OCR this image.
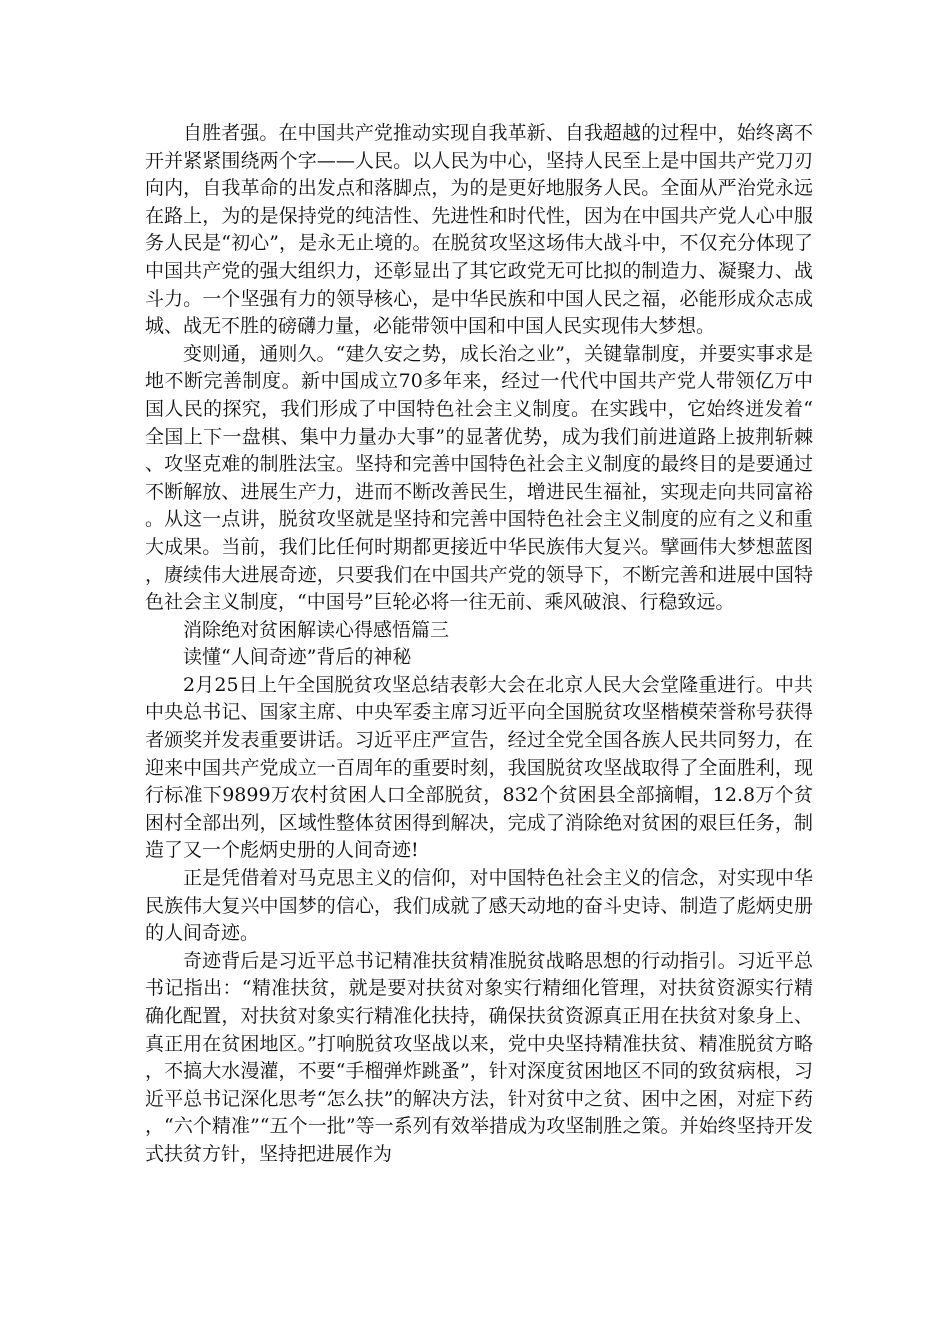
自胜者强。在中国共产党推动实现自我革新、自我超越的过程中，始终离不开并紧紧围绕两个字——人民。以人民为中心，坚持人民至上是中国共产党刀刃向内，自我革命的出发点和落脚点，为的是更好地服务人民。全面从严治党永远在路上，为的是保持党的纯洁性、先进性和时代性，因为在中国共产党人心中服务人民是“初心”，是永无止境的。在脱贫攻坚这场伟大战斗中，不仅充分体现了中国共产党的强大组织力，还彰显出了其它政党无可比拟的制造力、凝聚力、战斗力。一个坚强有力的领导核心，是中华民族和中国人民之福，必能形成众志成城、战无不胜的磅礴力量，必能带领中国和中国人民实现伟大梦想。

变则通，通则久。“建久安之势，成长治之业”，关键靠制度，并要实事求是地不断完善制度。新中国成立70多年来，经过一代代中国共产党人带领亿万中国人民的探究，我们形成了中国特色社会主义制度。在实践中，它始终迸发着“全国上下一盘棋、集中力量办大事”的显著优势，成为我们前进道路上披荆斩棘、攻坚克难的制胜法宝。坚持和完善中国特色社会主义制度的最终目的是要通过不断解放、进展生产力，进而不断改善民生，增进民生福祉，实现走向共同富裕。从这一点讲，脱贫攻坚就是坚持和完善中国特色社会主义制度的应有之义和重大成果。当前，我们比任何时期都更接近中华民族伟大复兴。擘画伟大梦想蓝图，赓续伟大进展奇迹，只要我们在中国共产党的领导下，不断完善和进展中国特色社会主义制度，“中国号”巨轮必将一往无前、乘风破浪、行稳致远。

消除绝对贫困解读心得感悟篇三

读懂“人间奇迹”背后的神秘

2月25日上午全国脱贫攻坚总结表彰大会在北京人民大会堂隆重进行。中共中央总书记、国家主席、中央军委主席习近平向全国脱贫攻坚楷模荣誉称号获得者颁奖并发表重要讲话。习近平庄严宣告，经过全党全国各族人民共同努力，在迎来中国共产党成立一百周年的重要时刻，我国脱贫攻坚战取得了全面胜利，现行标准下9899万农村贫困人口全部脱贫，832个贫困县全部摘帽，12.8万个贫困村全部出列，区域性整体贫困得到解决，完成了消除绝对贫困的艰巨任务，制造了又一个彪炳史册的人间奇迹!

正是凭借着对马克思主义的信仰，对中国特色社会主义的信念，对实现中华民族伟大复兴中国梦的信心，我们成就了感天动地的奋斗史诗、制造了彪炳史册的人间奇迹。

奇迹背后是习近平总书记精准扶贫精准脱贫战略思想的行动指引。习近平总书记指出：“精准扶贫，就是要对扶贫对象实行精细化管理，对扶贫资源实行精确化配置，对扶贫对象实行精准化扶持，确保扶贫资源真正用在扶贫对象身上、真正用在贫困地区。”打响脱贫攻坚战以来，党中央坚持精准扶贫、精准脱贫方略，不搞大水漫灌，不要“手榴弹炸跳蚤”，针对深度贫困地区不同的致贫病根，习近平总书记深化思考“怎么扶”的解决方法，针对贫中之贫、困中之困，对症下药，“六个精准”“五个一批”等一系列有效举措成为攻坚制胜之策。并始终坚持开发式扶贫方针，坚持把进展作为
